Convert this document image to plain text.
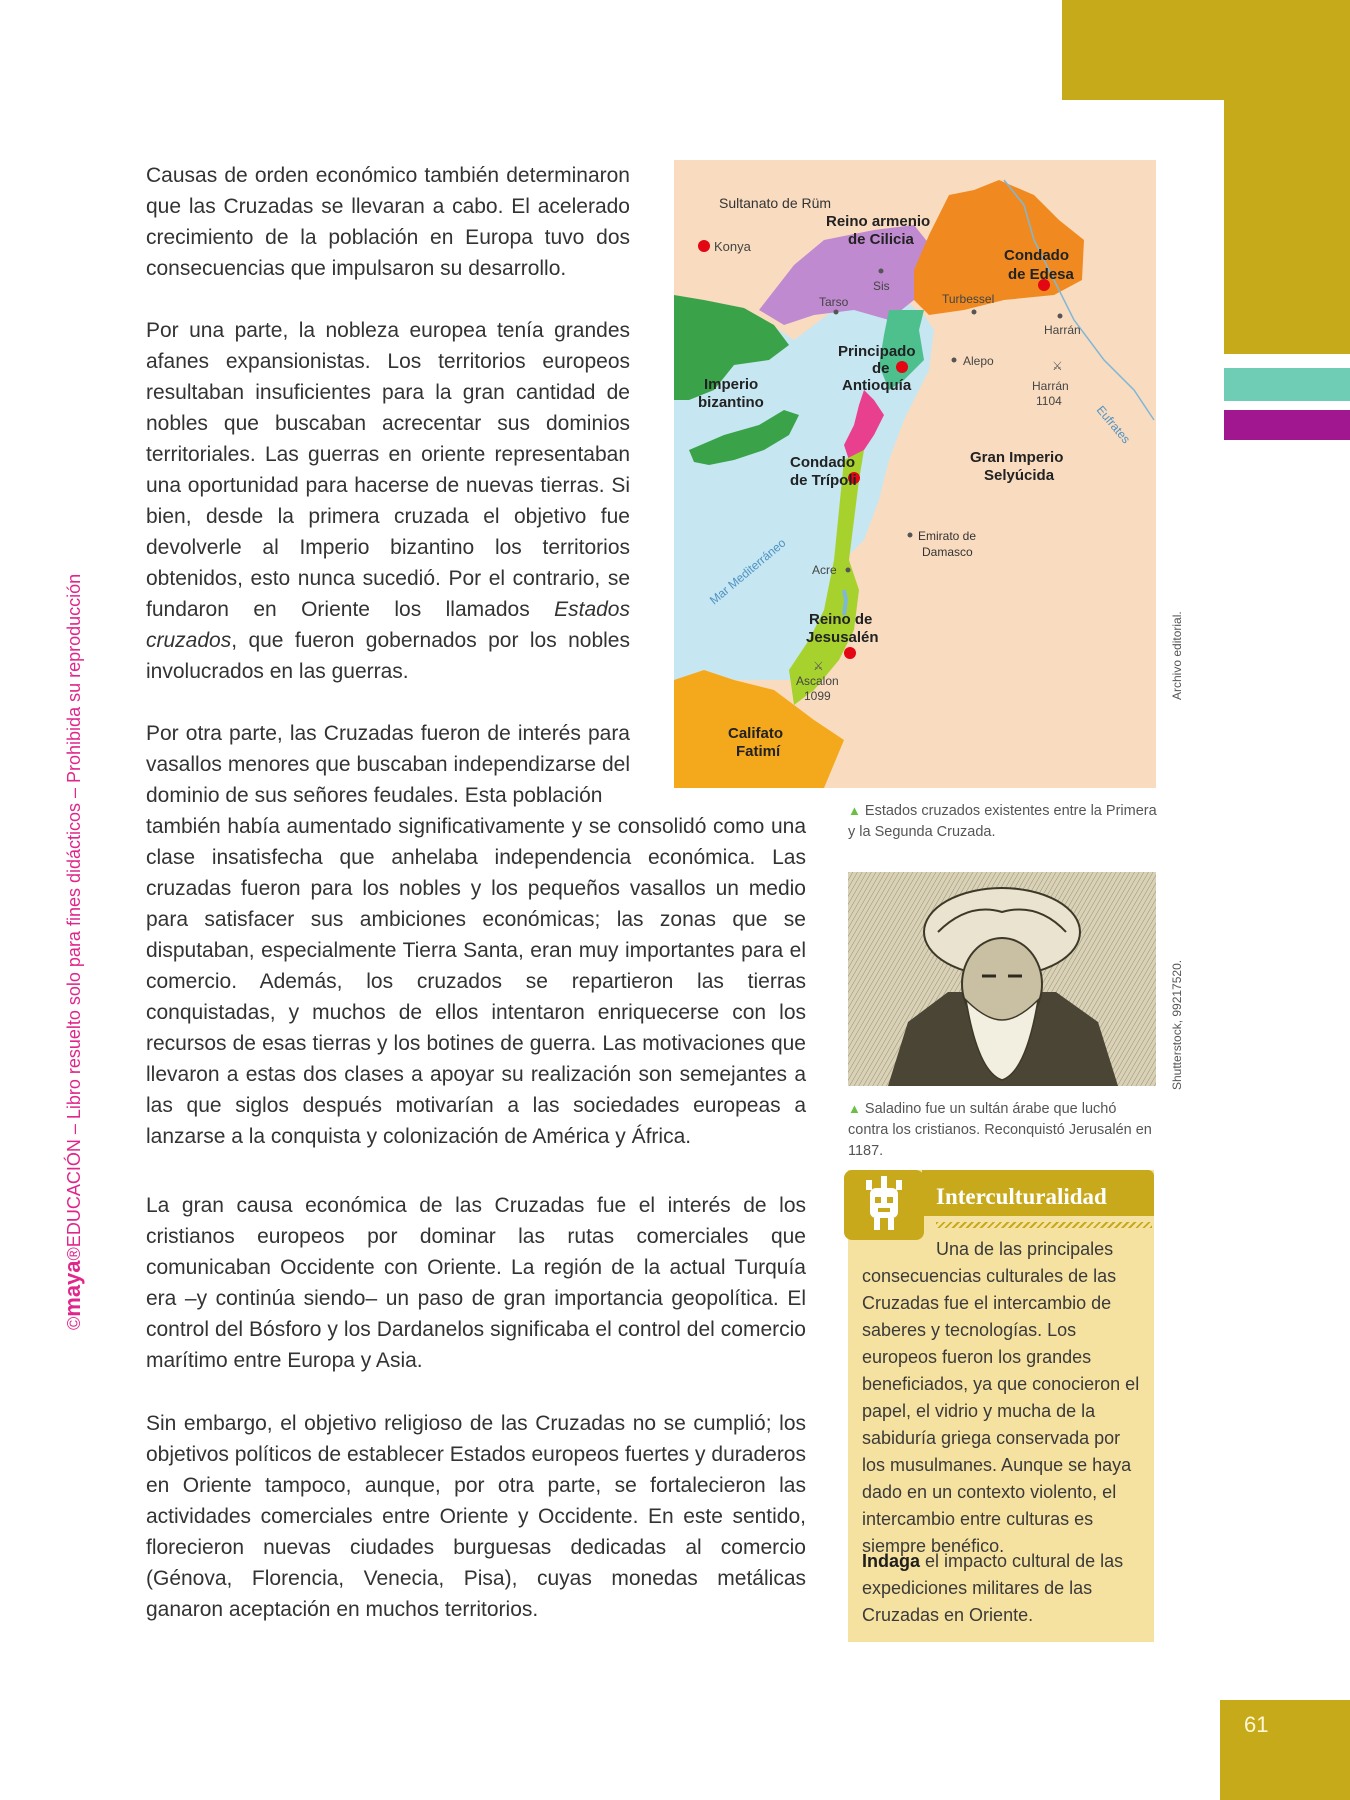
©maya®EDUCACIÓN – Libro resuelto solo para fines didácticos – Prohibida su reproducción

Causas de orden económico también determinaron que las Cruzadas se llevaran a cabo. El acelerado crecimiento de la población en Europa tuvo dos consecuencias que impulsaron su desarrollo.

Por una parte, la nobleza europea tenía grandes afanes expansionistas. Los territorios europeos resultaban insuficientes para la gran cantidad de nobles que buscaban acrecentar sus dominios territoriales. Las guerras en oriente representaban una oportunidad para hacerse de nuevas tierras. Si bien, desde la primera cruzada el objetivo fue devolverle al Imperio bizantino los territorios obtenidos, esto nunca sucedió. Por el contrario, se fundaron en Oriente los llamados Estados cruzados, que fueron gobernados por los nobles involucrados en las guerras.

Por otra parte, las Cruzadas fueron de interés para vasallos menores que buscaban independizarse del dominio de sus señores feudales. Esta población
también había aumentado significativamente y se consolidó como una clase insatisfecha que anhelaba independencia económica. Las cruzadas fueron para los nobles y los pequeños vasallos un medio para satisfacer sus ambiciones económicas; las zonas que se disputaban, especialmente Tierra Santa, eran muy importantes para el comercio. Además, los cruzados se repartieron las tierras conquistadas, y muchos de ellos intentaron enriquecerse con los recursos de esas tierras y los botines de guerra. Las motivaciones que llevaron a estas dos clases a apoyar su realización son semejantes a las que siglos después motivarían a las sociedades europeas a lanzarse a la conquista y colonización de América y África.

La gran causa económica de las Cruzadas fue el interés de los cristianos europeos por dominar las rutas comerciales que comunicaban Occidente con Oriente. La región de la actual Turquía era –y continúa siendo– un paso de gran importancia geopolítica. El control del Bósforo y los Dardanelos significaba el control del comercio marítimo entre Europa y Asia.

Sin embargo, el objetivo religioso de las Cruzadas no se cumplió; los objetivos políticos de establecer Estados europeos fuertes y duraderos en Oriente tampoco, aunque, por otra parte, se fortalecieron las actividades comerciales entre Oriente y Occidente. En este sentido, florecieron nuevas ciudades burguesas dedicadas al comercio (Génova, Florencia, Venecia, Pisa), cuyas monedas metálicas ganaron aceptación en muchos territorios.

⚔
⚔
Sultanato de Rüm
Reino armenio
de Cilicia
Konya
Sis
Tarso
Condado
de Edesa
Turbessel
Harrán
Harrán
1104
Eufrates
Principado
de
Antioquía
Alepo
Imperio
bizantino
Gran Imperio
Selyúcida
Condado
de Trípoli
Emirato de
Damasco
Mar Mediterráneo Acre
Reino de
Jesusalén
Ascalon
1099
Califato
Fatimí
Archivo editorial.
▲ Estados cruzados existentes entre la Primera y la Segunda Cruzada.
Shutterstock, 99217520.
▲ Saladino fue un sultán árabe que luchó contra los cristianos. Reconquistó Jerusalén en 1187.
Interculturalidad
Una de las principales
consecuencias culturales de las Cruzadas fue el intercambio de saberes y tecnologías. Los europeos fueron los grandes beneficiados, ya que conocieron el papel, el vidrio y mucha de la sabiduría griega conservada por los musulmanes. Aunque se haya dado en un contexto violento, el intercambio entre culturas es siempre benéfico.
Indaga el impacto cultural de las expediciones militares de las Cruzadas en Oriente.
61
